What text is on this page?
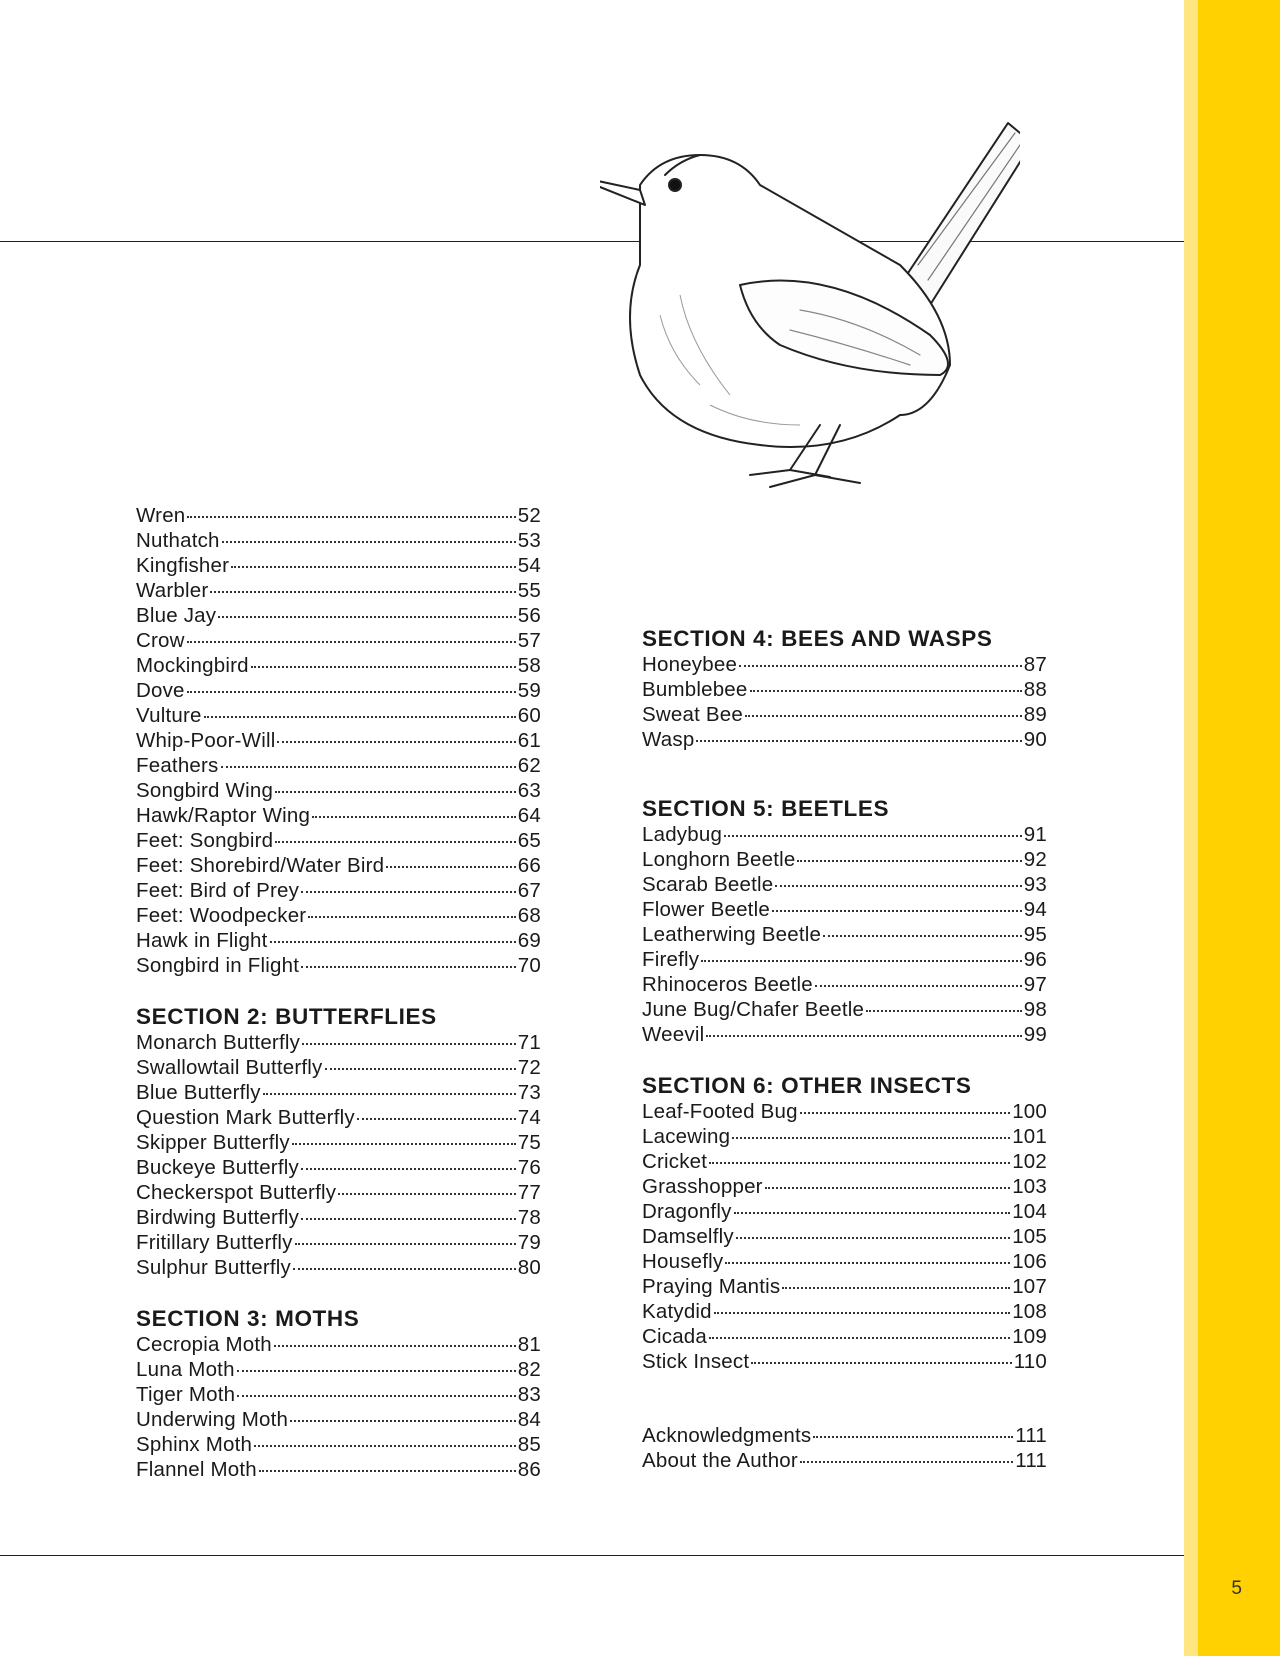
5
Wren	52
Nuthatch	53
Kingfisher	54
Warbler	55
Blue Jay	56
Crow	57
Mockingbird	58
Dove	59
Vulture	60
Whip-Poor-Will	61
Feathers	62
Songbird Wing	63
Hawk/Raptor Wing	64
Feet: Songbird	65
Feet: Shorebird/Water Bird	66
Feet: Bird of Prey	67
Feet: Woodpecker	68
Hawk in Flight	69
Songbird in Flight	70
SECTION 2: BUTTERFLIES
Monarch Butterfly	71
Swallowtail Butterfly	72
Blue Butterfly	73
Question Mark Butterfly	74
Skipper Butterfly	75
Buckeye Butterfly	76
Checkerspot Butterfly	77
Birdwing Butterfly	78
Fritillary Butterfly	79
Sulphur Butterfly	80
SECTION 3: MOTHS
Cecropia Moth	81
Luna Moth	82
Tiger Moth	83
Underwing Moth	84
Sphinx Moth	85
Flannel Moth	86
SECTION 4: BEES AND WASPS
Honeybee	87
Bumblebee	88
Sweat Bee	89
Wasp	90
SECTION 5: BEETLES
Ladybug	91
Longhorn Beetle	92
Scarab Beetle	93
Flower Beetle	94
Leatherwing Beetle	95
Firefly	96
Rhinoceros Beetle	97
June Bug/Chafer Beetle	98
Weevil	99
SECTION 6: OTHER INSECTS
Leaf-Footed Bug	100
Lacewing	101
Cricket	102
Grasshopper	103
Dragonfly	104
Damselfly	105
Housefly	106
Praying Mantis	107
Katydid	108
Cicada	109
Stick Insect	110
Acknowledgments	111
About the Author	111
